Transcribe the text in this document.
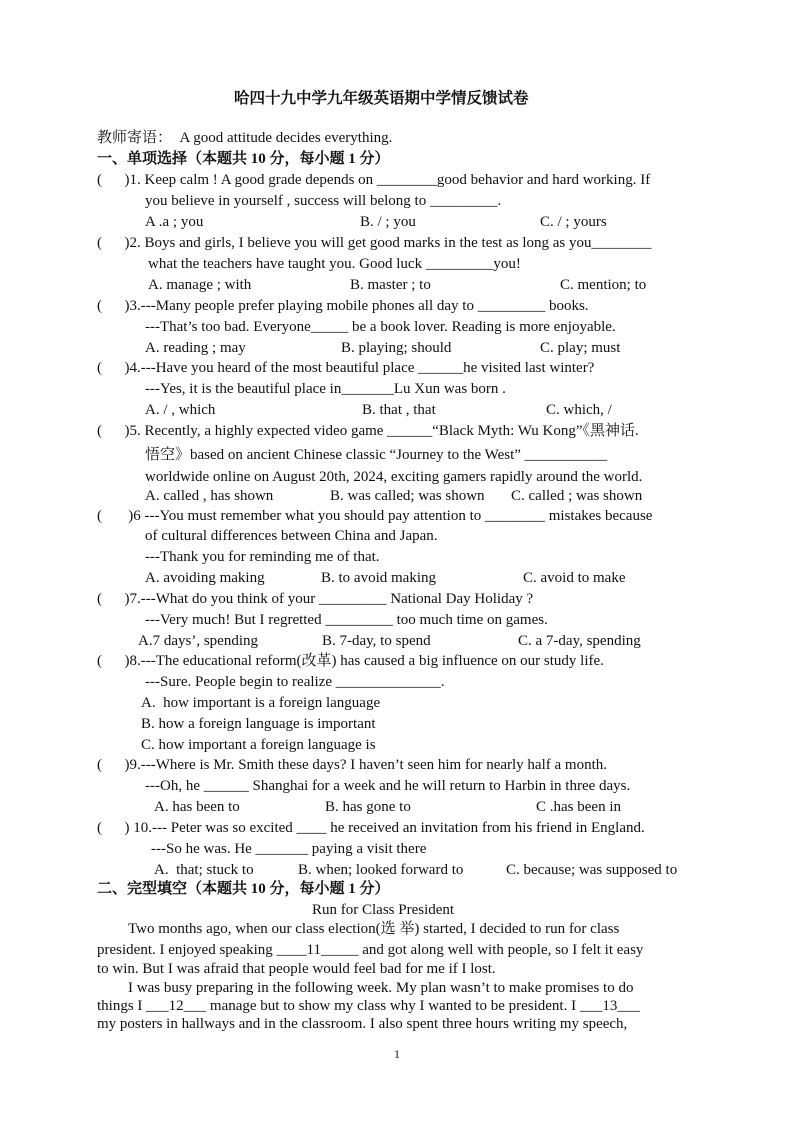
哈四十九中学九年级英语期中学情反馈试卷
教师寄语：  A good attitude decides everything.
一、单项选择（本题共 10 分，每小题 1 分）
(      )1. Keep calm ! A good grade depends on ________good behavior and hard working. If
you believe in yourself , success will belong to _________.
A .a ; you	B. / ; you	C. / ; yours
(      )2. Boys and girls, I believe you will get good marks in the test as long as you________
what the teachers have taught you. Good luck _________you!
A. manage ; with	B. master ; to	C. mention; to
(      )3.---Many people prefer playing mobile phones all day to _________ books.
---That’s too bad. Everyone_____ be a book lover. Reading is more enjoyable.
A. reading ; may	B. playing; should	C. play; must
(      )4.---Have you heard of the most beautiful place ______he visited last winter?
---Yes, it is the beautiful place in_______Lu Xun was born .
A. / , which	B. that , that	C. which, /
(      )5. Recently, a highly expected video game ______“Black Myth: Wu Kong”《黑神话.
悟空》based on ancient Chinese classic “Journey to the West” ___________
worldwide online on August 20th, 2024, exciting gamers rapidly around the world.
A. called , has shown	B. was called; was shown C. called ; was shown
(       )6 ---You must remember what you should pay attention to ________ mistakes because
of cultural differences between China and Japan.
---Thank you for reminding me of that.
A. avoiding making	B. to avoid making	C. avoid to make
(      )7.---What do you think of your _________ National Day Holiday ?
---Very much! But I regretted _________ too much time on games.
A.7 days’, spending	B. 7-day, to spend	C. a 7-day, spending
(      )8.---The educational reform(改革) has caused a big influence on our study life.
---Sure. People begin to realize ______________.
A.  how important is a foreign language
B. how a foreign language is important
C. how important a foreign language is
(      )9.---Where is Mr. Smith these days? I haven’t seen him for nearly half a month.
---Oh, he ______ Shanghai for a week and he will return to Harbin in three days.
A. has been to	B. has gone to	C .has been in
(      ) 10.--- Peter was so excited ____ he received an invitation from his friend in England.
---So he was. He _______ paying a visit there
A.  that; stuck to	B. when; looked forward to	C. because; was supposed to
二、完型填空（本题共 10 分，每小题 1 分）
Run for Class President
Two months ago, when our class election(选 举) started, I decided to run for class
president. I enjoyed speaking ____11_____ and got along well with people, so I felt it easy
to win. But I was afraid that people would feel bad for me if I lost.
I was busy preparing in the following week. My plan wasn’t to make promises to do
things I ___12___ manage but to show my class why I wanted to be president. I ___13___
my posters in hallways and in the classroom. I also spent three hours writing my speech,
1
